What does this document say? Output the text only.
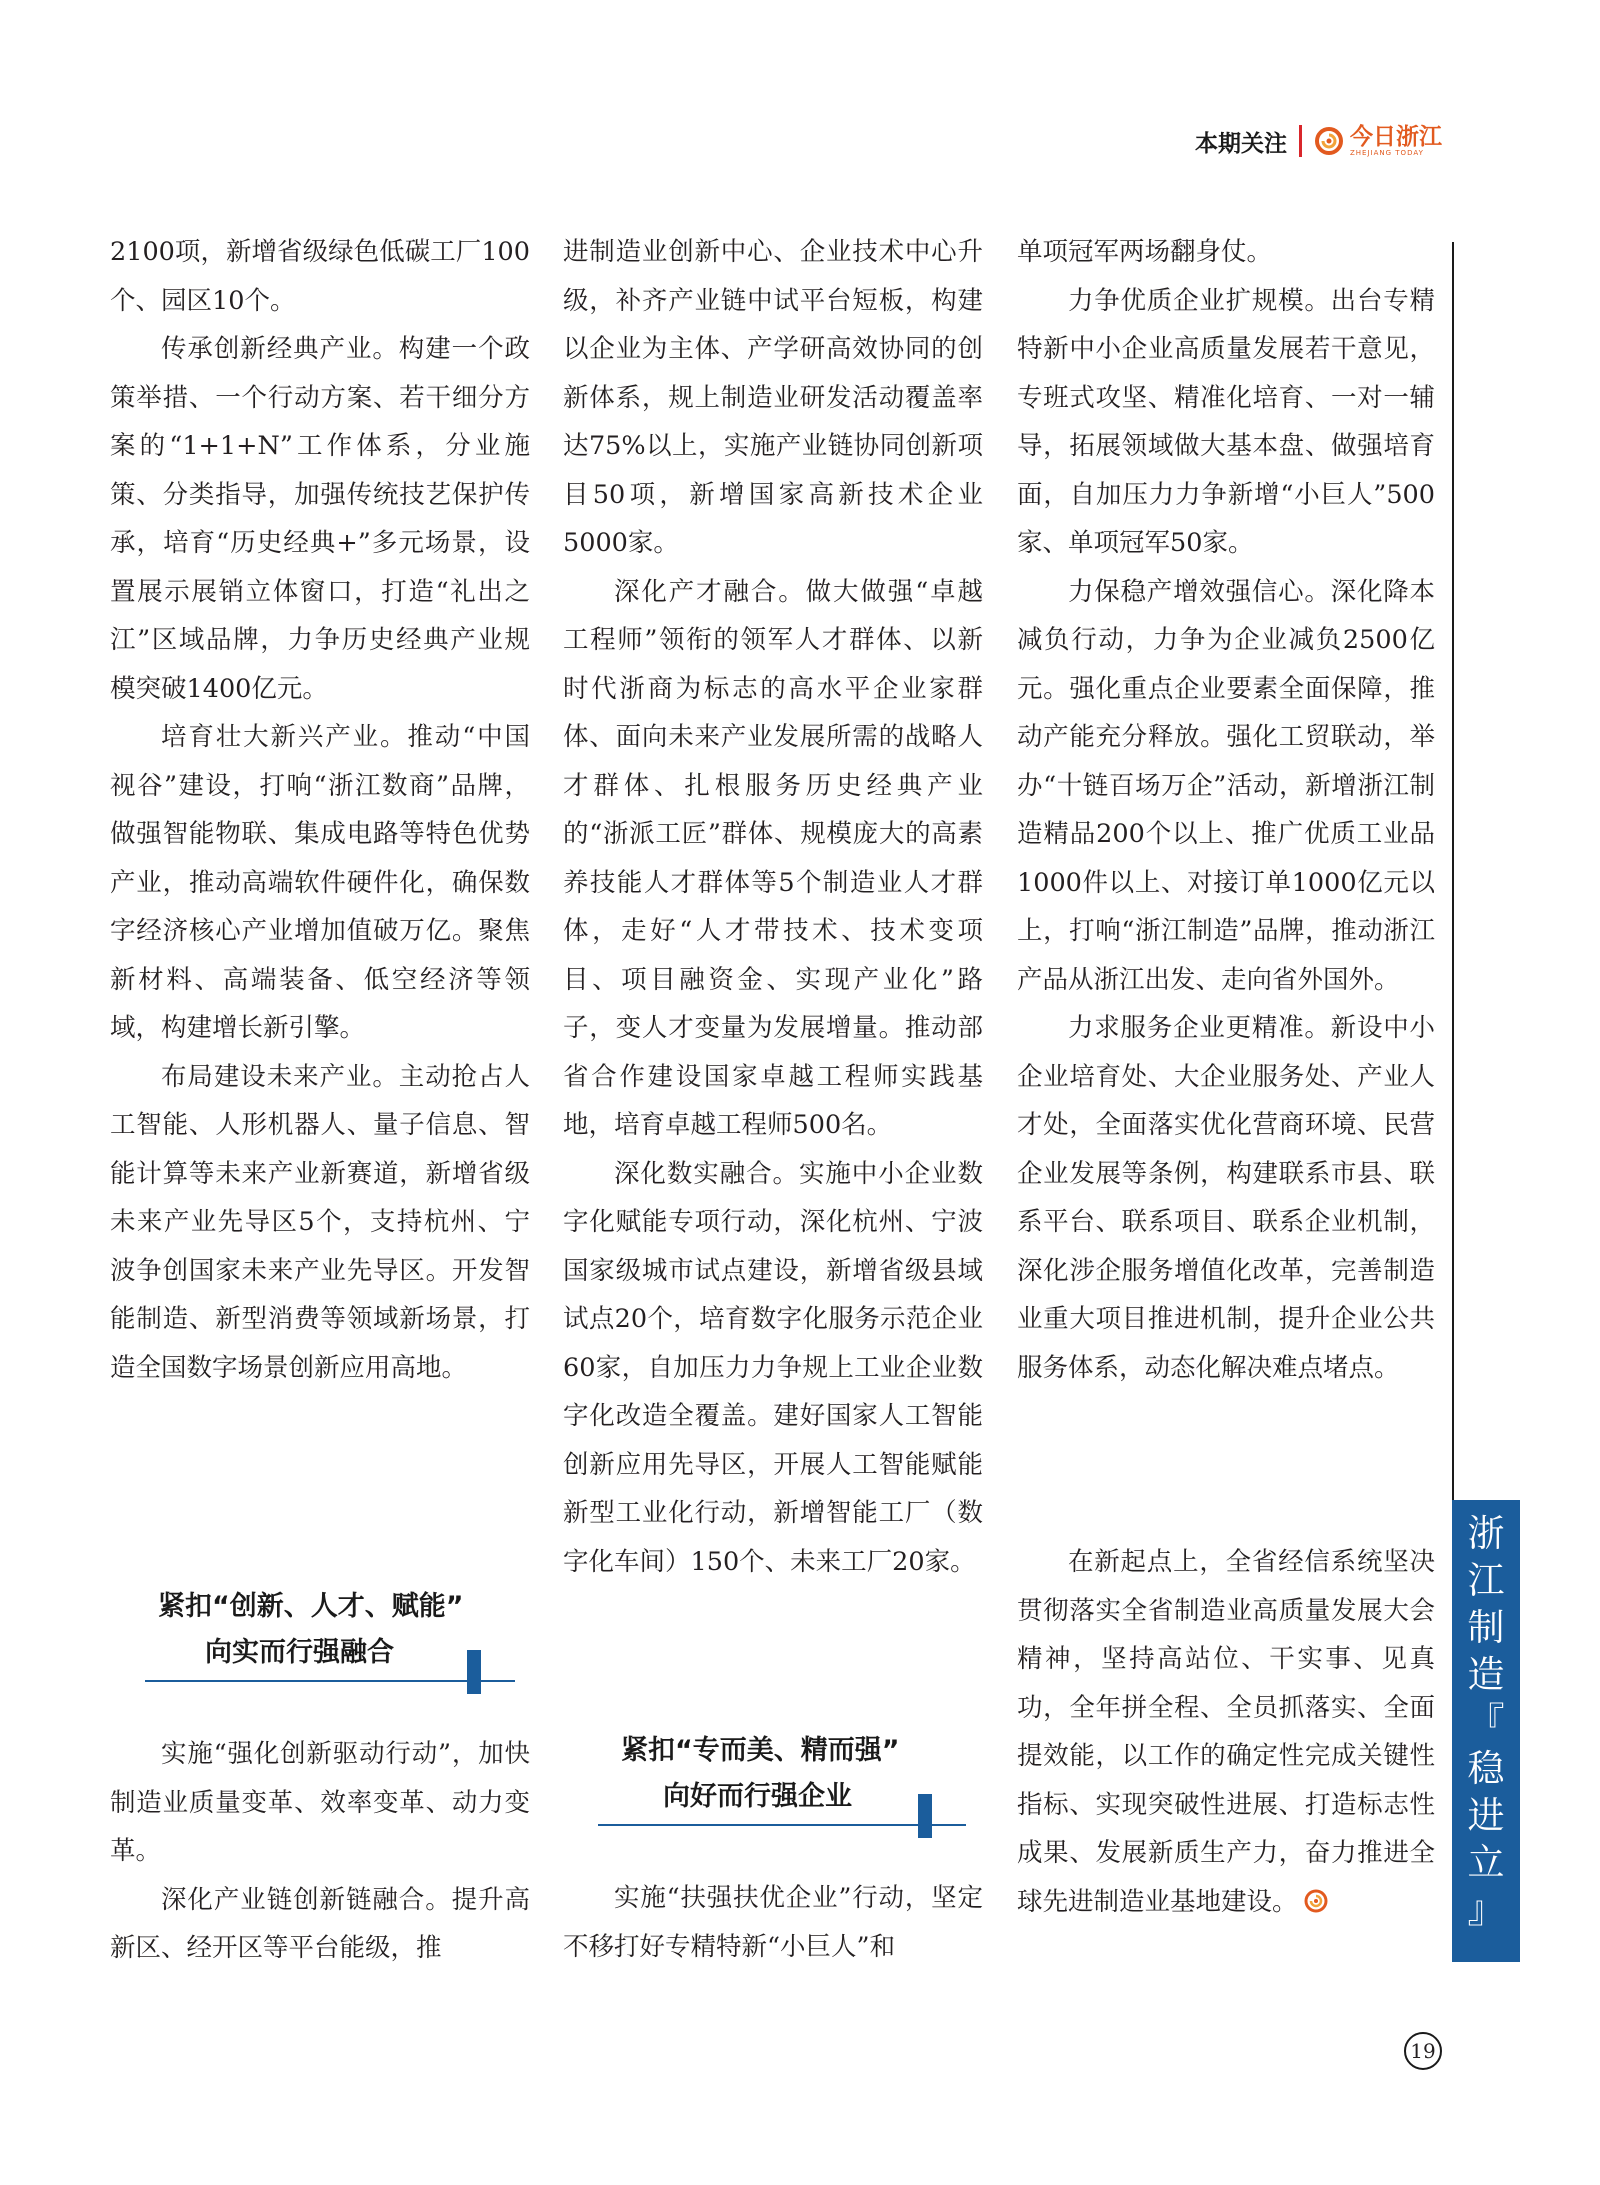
本期关注	今日浙江
ZHEJIANG TODAY

2100项，新增省级绿色低碳工厂100个、园区10个。

传承创新经典产业。构建一个政策举措、一个行动方案、若干细分方案的“1+1+N”工作体系，分业施策、分类指导，加强传统技艺保护传承，培育“历史经典+”多元场景，设置展示展销立体窗口，打造“礼出之江”区域品牌，力争历史经典产业规模突破1400亿元。

培育壮大新兴产业。推动“中国视谷”建设，打响“浙江数商”品牌，做强智能物联、集成电路等特色优势产业，推动高端软件硬件化，确保数字经济核心产业增加值破万亿。聚焦新材料、高端装备、低空经济等领域，构建增长新引擎。

布局建设未来产业。主动抢占人工智能、人形机器人、量子信息、智能计算等未来产业新赛道，新增省级未来产业先导区5个，支持杭州、宁波争创国家未来产业先导区。开发智能制造、新型消费等领域新场景，打造全国数字场景创新应用高地。

紧扣“创新、人才、赋能”
向实而行强融合

实施“强化创新驱动行动”，加快制造业质量变革、效率变革、动力变革。

深化产业链创新链融合。提升高新区、经开区等平台能级，推

进制造业创新中心、企业技术中心升级，补齐产业链中试平台短板，构建以企业为主体、产学研高效协同的创新体系，规上制造业研发活动覆盖率达75%以上，实施产业链协同创新项目50项，新增国家高新技术企业5000家。

深化产才融合。做大做强“卓越工程师”领衔的领军人才群体、以新时代浙商为标志的高水平企业家群体、面向未来产业发展所需的战略人才群体、扎根服务历史经典产业的“浙派工匠”群体、规模庞大的高素养技能人才群体等5个制造业人才群体，走好“人才带技术、技术变项目、项目融资金、实现产业化”路子，变人才变量为发展增量。推动部省合作建设国家卓越工程师实践基地，培育卓越工程师500名。

深化数实融合。实施中小企业数字化赋能专项行动，深化杭州、宁波国家级城市试点建设，新增省级县域试点20个，培育数字化服务示范企业60家，自加压力力争规上工业企业数字化改造全覆盖。建好国家人工智能创新应用先导区，开展人工智能赋能新型工业化行动，新增智能工厂（数字化车间）150个、未来工厂20家。

紧扣“专而美、精而强”
向好而行强企业

实施“扶强扶优企业”行动，坚定不移打好专精特新“小巨人”和

单项冠军两场翻身仗。

力争优质企业扩规模。出台专精特新中小企业高质量发展若干意见，专班式攻坚、精准化培育、一对一辅导，拓展领域做大基本盘、做强培育面，自加压力力争新增“小巨人”500家、单项冠军50家。

力保稳产增效强信心。深化降本减负行动，力争为企业减负2500亿元。强化重点企业要素全面保障，推动产能充分释放。强化工贸联动，举办“十链百场万企”活动，新增浙江制造精品200个以上、推广优质工业品1000件以上、对接订单1000亿元以上，打响“浙江制造”品牌，推动浙江产品从浙江出发、走向省外国外。

力求服务企业更精准。新设中小企业培育处、大企业服务处、产业人才处，全面落实优化营商环境、民营企业发展等条例，构建联系市县、联系平台、联系项目、联系企业机制，深化涉企服务增值化改革，完善制造业重大项目推进机制，提升企业公共服务体系，动态化解决难点堵点。

在新起点上，全省经信系统坚决贯彻落实全省制造业高质量发展大会精神，坚持高站位、干实事、见真功，全年拼全程、全员抓落实、全面提效能，以工作的确定性完成关键性指标、实现突破性进展、打造标志性成果、发展新质生产力，奋力推进全球先进制造业基地建设。

浙
江
制
造
『
稳
进
立
』
19
